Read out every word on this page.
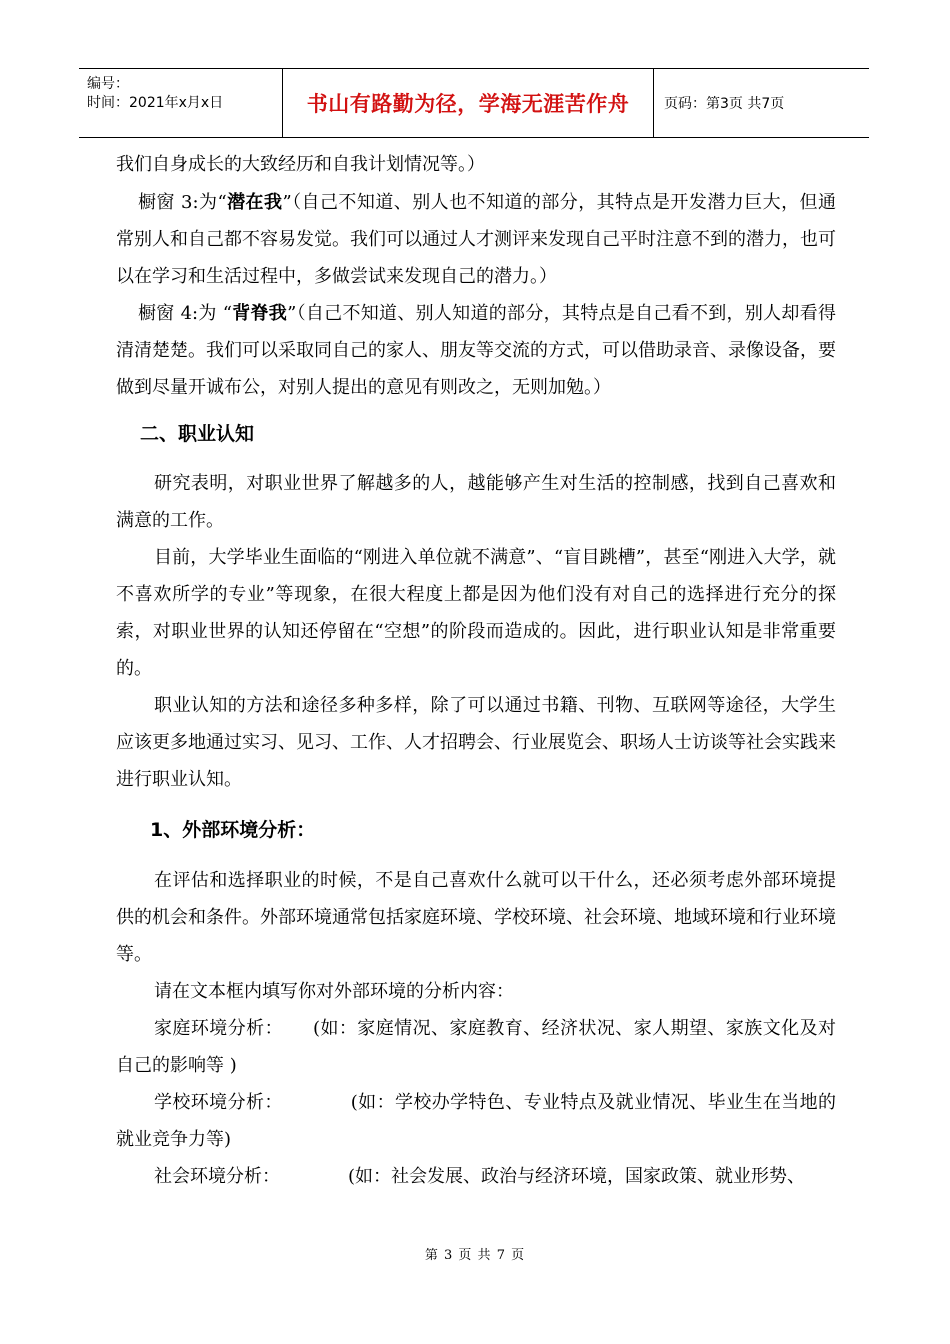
编号：
时间：2021年x月x日	书山有路勤为径，学海无涯苦作舟	页码：第3页 共7页

我们自身成长的大致经历和自我计划情况等。）

橱窗 3:为“潜在我”（自己不知道、别人也不知道的部分，其特点是开发潜力巨大，但通常别人和自己都不容易发觉。我们可以通过人才测评来发现自己平时注意不到的潜力，也可以在学习和生活过程中，多做尝试来发现自己的潜力。）

橱窗 4:为 “背脊我”（自己不知道、别人知道的部分，其特点是自己看不到，别人却看得清清楚楚。我们可以采取同自己的家人、朋友等交流的方式，可以借助录音、录像设备，要做到尽量开诚布公，对别人提出的意见有则改之，无则加勉。）

二、职业认知

研究表明，对职业世界了解越多的人，越能够产生对生活的控制感，找到自己喜欢和满意的工作。

目前，大学毕业生面临的“刚进入单位就不满意”、“盲目跳槽”，甚至“刚进入大学，就不喜欢所学的专业”等现象，在很大程度上都是因为他们没有对自己的选择进行充分的探索，对职业世界的认知还停留在“空想”的阶段而造成的。因此，进行职业认知是非常重要的。

职业认知的方法和途径多种多样，除了可以通过书籍、刊物、互联网等途径，大学生应该更多地通过实习、见习、工作、人才招聘会、行业展览会、职场人士访谈等社会实践来进行职业认知。

1、外部环境分析：

在评估和选择职业的时候，不是自己喜欢什么就可以干什么，还必须考虑外部环境提供的机会和条件。外部环境通常包括家庭环境、学校环境、社会环境、地域环境和行业环境等。

请在文本框内填写你对外部环境的分析内容：

家庭环境分析： (如：家庭情况、家庭教育、经济状况、家人期望、家族文化及对自己的影响等 )

学校环境分析：	(如：学校办学特色、专业特点及就业情况、毕业生在当地的就业竞争力等)

社会环境分析：	(如：社会发展、政治与经济环境，国家政策、就业形势、

第 3 页 共 7 页
